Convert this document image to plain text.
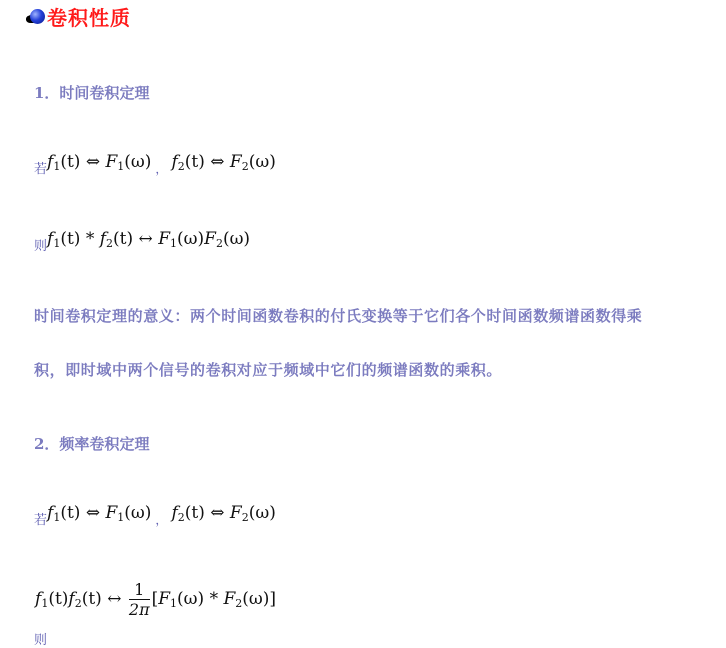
卷积性质
1．时间卷积定理
$_若f_1(t)$ ⇔ $F_1(\omega)$ $_,$ $f_2(t)$ ⇔ $F_2(\omega)$
$_则f_1(t) * f_2(t)$ ↔ $F_1(\omega)F_2(\omega)$
时间卷积定理的意义：两个时间函数卷积的付氏变换等于它们各个时间函数频谱函数得乘
积，即时域中两个信号的卷积对应于频域中它们的频谱函数的乘积。
2．频率卷积定理
$_若f_1(t)$ ⇔ $F_1(\omega)$ $_,$ $f_2(t)$ ⇔ $F_2(\omega)$
$_则f_1(t)f_2(t)$ ↔ $\frac{1}{2\pi} [F_1(\omega) * F_2(\omega)]$
